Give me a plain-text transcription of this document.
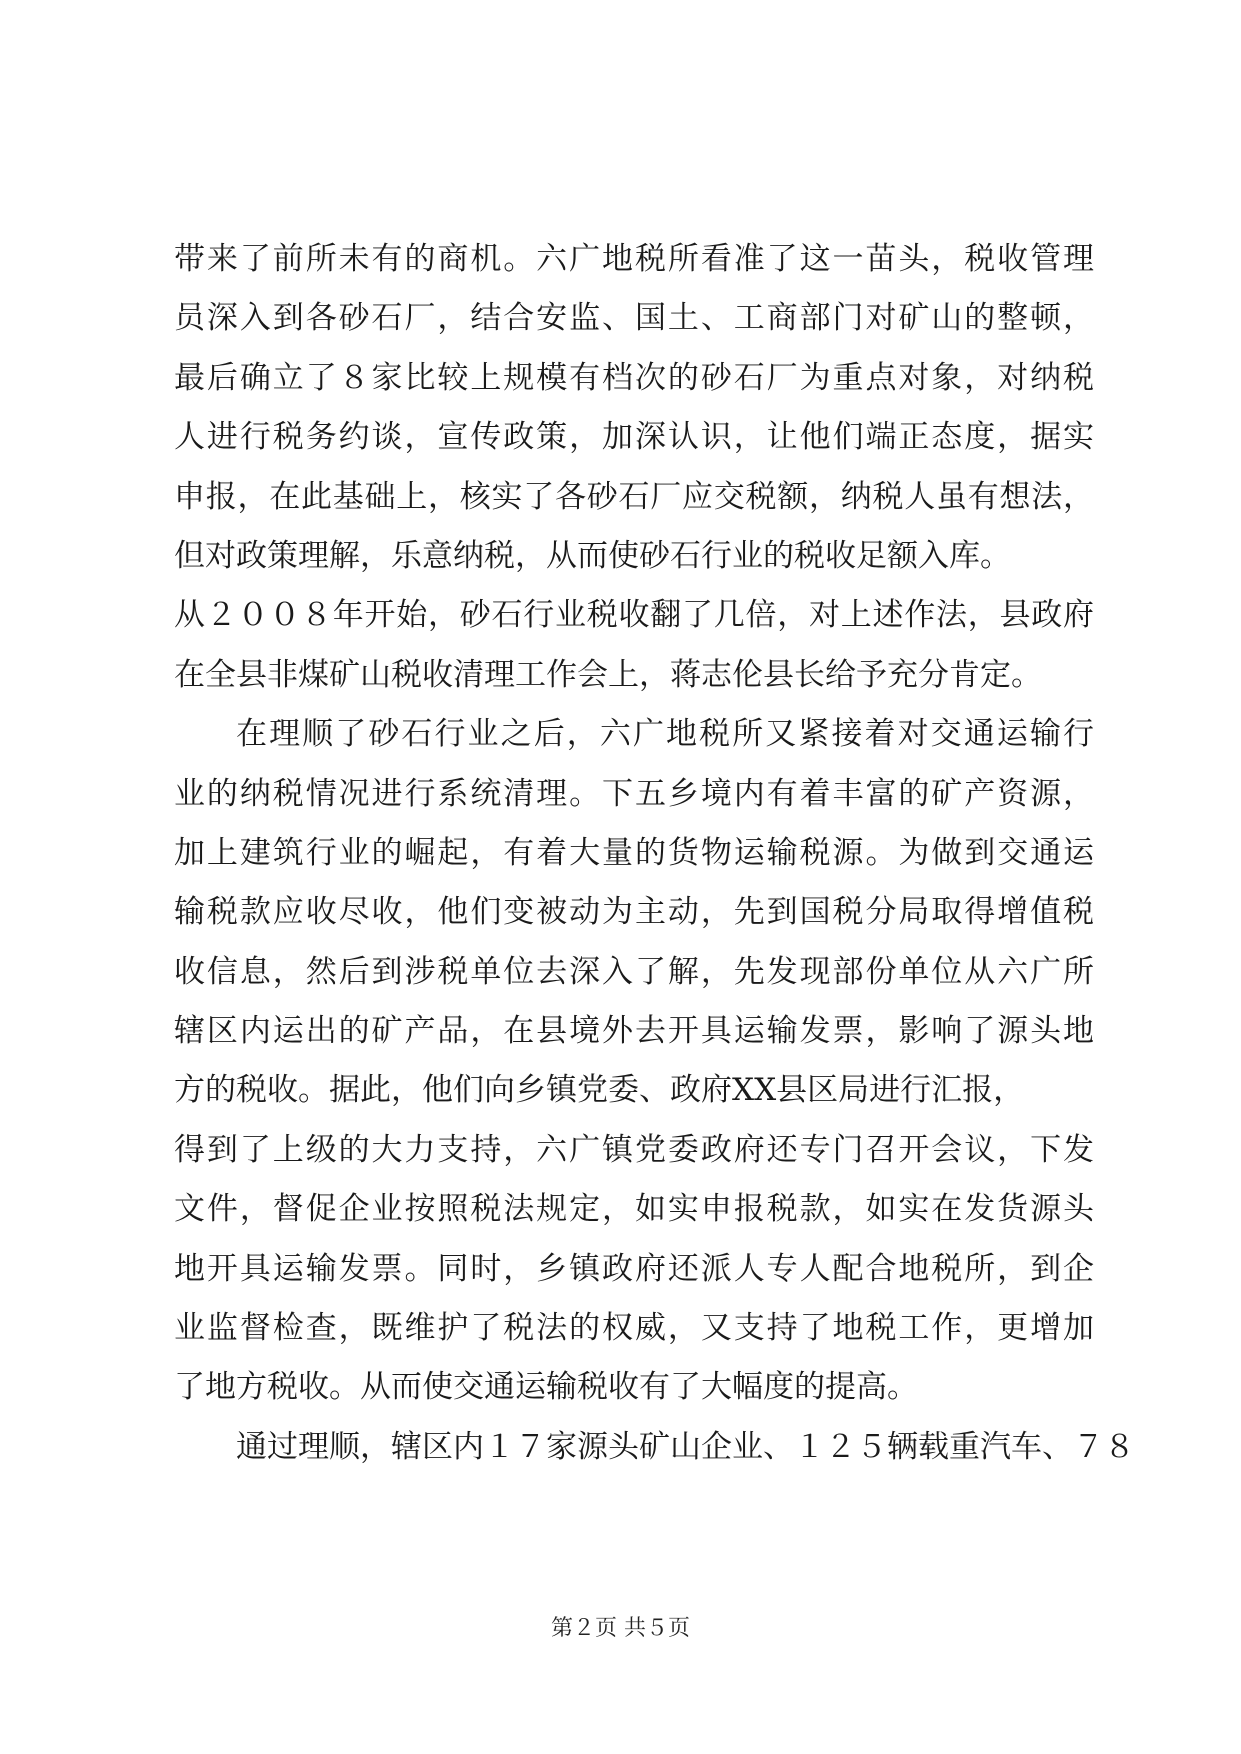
带来了前所未有的商机。六广地税所看准了这一苗头，税收管理
员深入到各砂石厂，结合安监、国土、工商部门对矿山的整顿，
最后确立了８家比较上规模有档次的砂石厂为重点对象，对纳税
人进行税务约谈，宣传政策，加深认识，让他们端正态度，据实
申报，在此基础上，核实了各砂石厂应交税额，纳税人虽有想法，
但对政策理解，乐意纳税，从而使砂石行业的税收足额入库。
从２００８年开始，砂石行业税收翻了几倍，对上述作法，县政府
在全县非煤矿山税收清理工作会上，蒋志伦县长给予充分肯定。
在理顺了砂石行业之后，六广地税所又紧接着对交通运输行
业的纳税情况进行系统清理。下五乡境内有着丰富的矿产资源，
加上建筑行业的崛起，有着大量的货物运输税源。为做到交通运
输税款应收尽收，他们变被动为主动，先到国税分局取得增值税
收信息，然后到涉税单位去深入了解，先发现部份单位从六广所
辖区内运出的矿产品，在县境外去开具运输发票，影响了源头地
方的税收。据此，他们向乡镇党委、政府XX县区局进行汇报，
得到了上级的大力支持，六广镇党委政府还专门召开会议，下发
文件，督促企业按照税法规定，如实申报税款，如实在发货源头
地开具运输发票。同时，乡镇政府还派人专人配合地税所，到企
业监督检查，既维护了税法的权威，又支持了地税工作，更增加
了地方税收。从而使交通运输税收有了大幅度的提高。
通过理顺，辖区内１７家源头矿山企业、１２５辆载重汽车、７８
第２页 共５页
